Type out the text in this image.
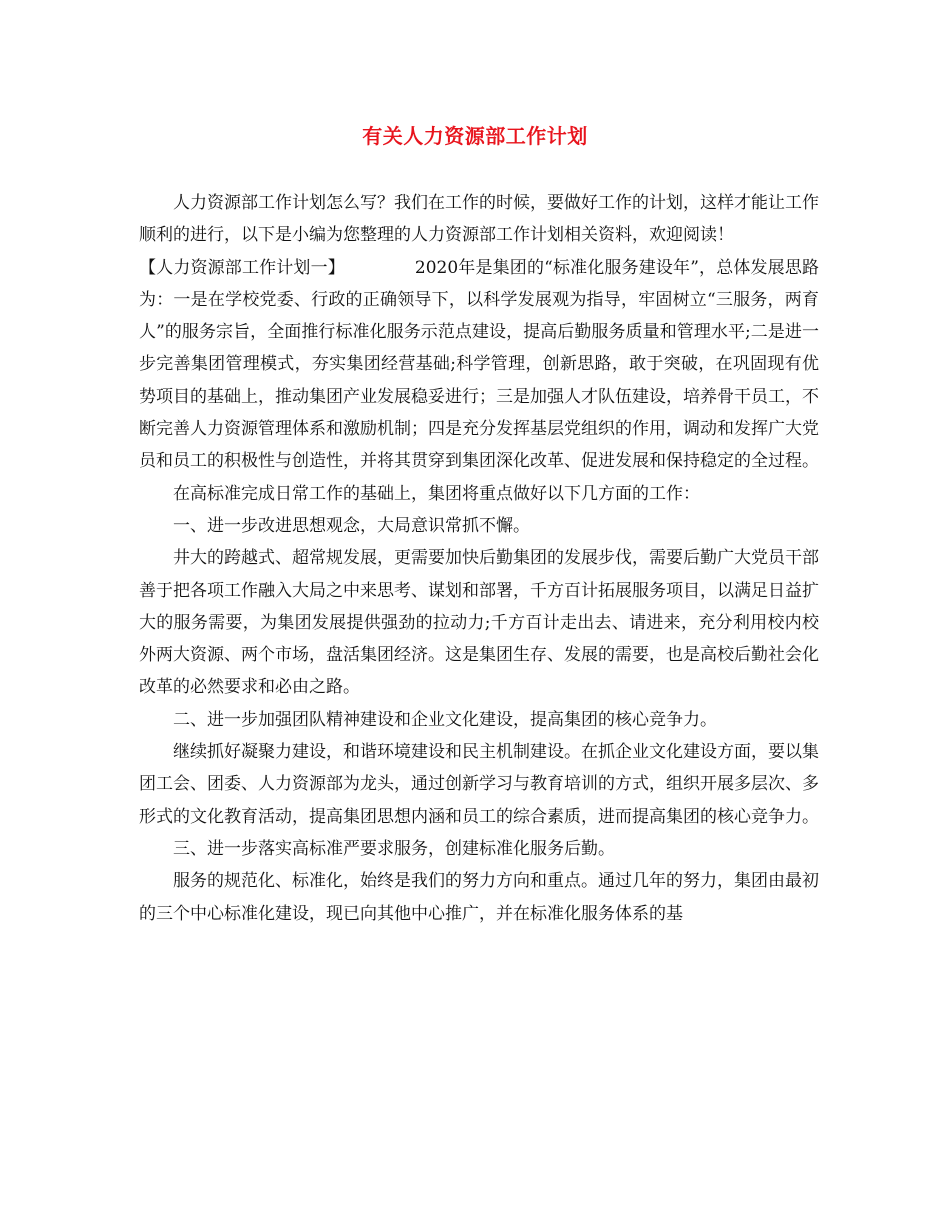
有关人力资源部工作计划

人力资源部工作计划怎么写？我们在工作的时候，要做好工作的计划，这样才能让工作顺利的进行，以下是小编为您整理的人力资源部工作计划相关资料，欢迎阅读！

【人力资源部工作计划一】	2020年是集团的“标准化服务建设年”，总体发展思路为：一是在学校党委、行政的正确领导下，以科学发展观为指导，牢固树立“三服务，两育人”的服务宗旨，全面推行标准化服务示范点建设，提高后勤服务质量和管理水平;二是进一步完善集团管理模式，夯实集团经营基础;科学管理，创新思路，敢于突破，在巩固现有优势项目的基础上，推动集团产业发展稳妥进行；三是加强人才队伍建设，培养骨干员工，不断完善人力资源管理体系和激励机制；四是充分发挥基层党组织的作用，调动和发挥广大党员和员工的积极性与创造性，并将其贯穿到集团深化改革、促进发展和保持稳定的全过程。

在高标准完成日常工作的基础上，集团将重点做好以下几方面的工作：

一、进一步改进思想观念，大局意识常抓不懈。

井大的跨越式、超常规发展，更需要加快后勤集团的发展步伐，需要后勤广大党员干部善于把各项工作融入大局之中来思考、谋划和部署，千方百计拓展服务项目，以满足日益扩大的服务需要，为集团发展提供强劲的拉动力;千方百计走出去、请进来，充分利用校内校外两大资源、两个市场，盘活集团经济。这是集团生存、发展的需要，也是高校后勤社会化改革的必然要求和必由之路。

二、进一步加强团队精神建设和企业文化建设，提高集团的核心竞争力。

继续抓好凝聚力建设，和谐环境建设和民主机制建设。在抓企业文化建设方面，要以集团工会、团委、人力资源部为龙头，通过创新学习与教育培训的方式，组织开展多层次、多形式的文化教育活动，提高集团思想内涵和员工的综合素质，进而提高集团的核心竞争力。

三、进一步落实高标准严要求服务，创建标准化服务后勤。

服务的规范化、标准化，始终是我们的努力方向和重点。通过几年的努力，集团由最初的三个中心标准化建设，现已向其他中心推广，并在标准化服务体系的基
